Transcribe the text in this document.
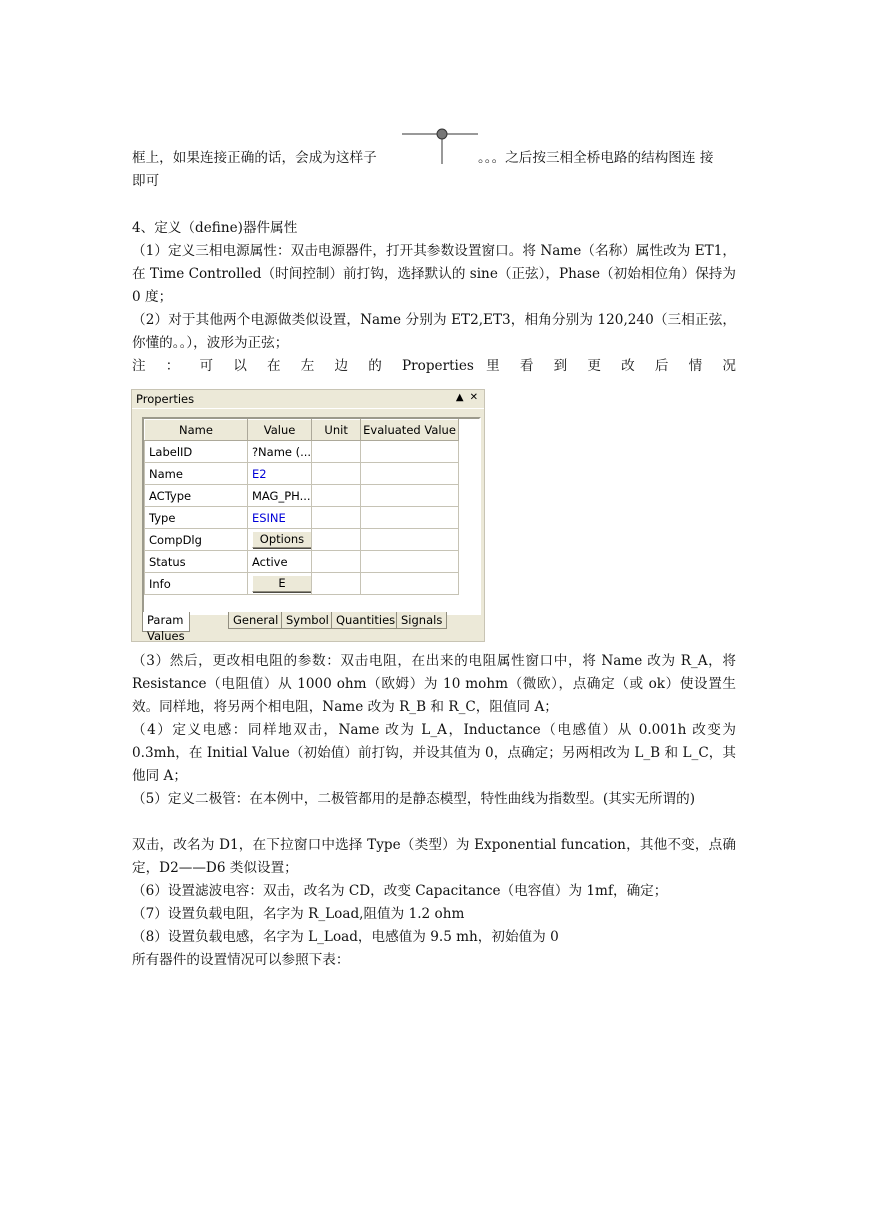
框上，如果连接正确的话，会成为这样子	。。。之后按三相全桥电路的结构图连 接
即可
4、定义（define)器件属性
（1）定义三相电源属性：双击电源器件，打开其参数设置窗口。将 Name（名称）属性改为 ET1，在 Time Controlled（时间控制）前打钩，选择默认的 sine（正弦），Phase（初始相位角）保持为 0 度；
（2）对于其他两个电源做类似设置，Name 分别为 ET2,ET3，相角分别为 120,240（三相正弦，你懂的。。），波形为正弦；
注 ： 可 以 在 左 边 的 Properties 里 看 到 更 改 后 情 况
（3）然后，更改相电阻的参数：双击电阻，在出来的电阻属性窗口中，将 Name 改为 R_A，将 Resistance（电阻值）从 1000 ohm（欧姆）为 10 mohm（微欧），点确定（或 ok）使设置生效。同样地，将另两个相电阻，Name 改为 R_B 和 R_C，阻值同 A；
（4）定义电感：同样地双击，Name 改为 L_A，Inductance（电感值）从 0.001h 改变为 0.3mh，在 Initial Value（初始值）前打钩，并设其值为 0，点确定；另两相改为 L_B 和 L_C，其他同 A；
（5）定义二极管：在本例中，二极管都用的是静态模型，特性曲线为指数型。(其实无所谓的)
双击，改名为 D1，在下拉窗口中选择 Type（类型）为 Exponential funcation，其他不变，点确定，D2——D6 类似设置；
（6）设置滤波电容：双击，改名为 CD，改变 Capacitance（电容值）为 1mf，确定；
（7）设置负载电阻，名字为 R_Load,阻值为 1.2 ohm
（8）设置负载电感，名字为 L_Load，电感值为 9.5 mh，初始值为 0
所有器件的设置情况可以参照下表：
Properties	▲ ✕
Name	Value	Unit	Evaluated Value
LabelID	?Name (...		
Name	E2		
ACType	MAG_PH...		
Type	ESINE		
CompDlg	Options		
Status	Active		
Info	E		
Param Values
General Symbol Quantities Signals
